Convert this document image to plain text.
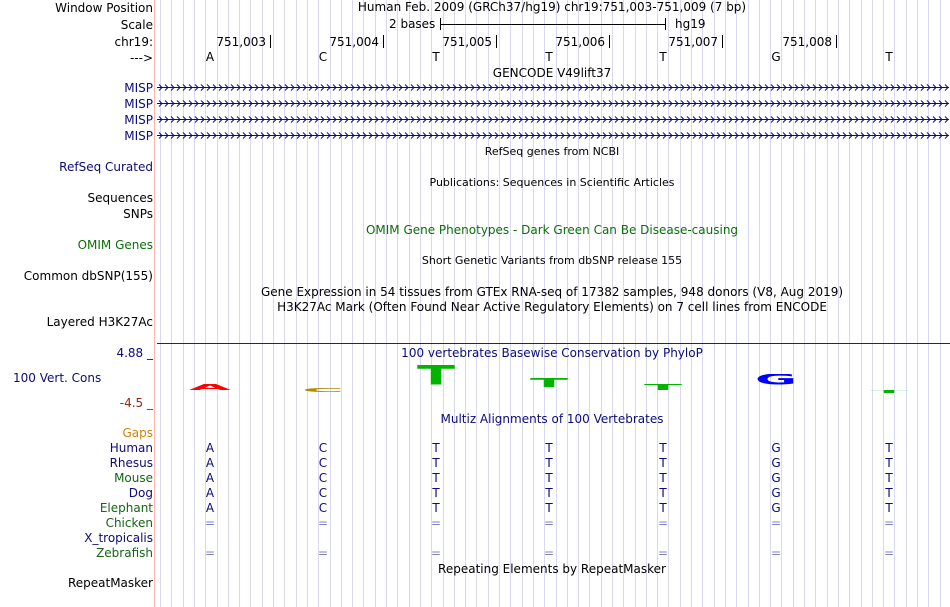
Window Position
Scale
chr19:
--->
Human Feb. 2009 (GRCh37/hg19) chr19:751,003-751,009 (7 bp)
2 bases	hg19
751,003	751,004	751,005	751,006	751,007	751,008
A	C	T	T	T	G	T
GENCODE V49lift37
MISP
MISP
MISP
MISP
RefSeq genes from NCBI
RefSeq Curated
Publications: Sequences in Scientific Articles
Sequences
SNPs
OMIM Gene Phenotypes - Dark Green Can Be Disease-causing
OMIM Genes
Short Genetic Variants from dbSNP release 155
Common dbSNP(155)
Gene Expression in 54 tissues from GTEx RNA-seq of 17382 samples, 948 donors (V8, Aug 2019)
H3K27Ac Mark (Often Found Near Active Regulatory Elements) on 7 cell lines from ENCODE
Layered H3K27Ac
100 vertebrates Basewise Conservation by PhyloP
4.88 _
100 Vert. Cons
-4.5 _
A C T T T G
T
Multiz Alignments of 100 Vertebrates
Gaps
Human	A	C	T	T	T	G	T
Rhesus	A	C	T	T	T	G	T
Mouse	A	C	T	T	T	G	T
Dog	A	C	T	T	T	G	T
Elephant	A	C	T	T	T	G	T
Chicken	=	=	=	=	=	=	=
X_tropicalis
Zebrafish	=	=	=	=	=	=	=
Repeating Elements by RepeatMasker
RepeatMasker
